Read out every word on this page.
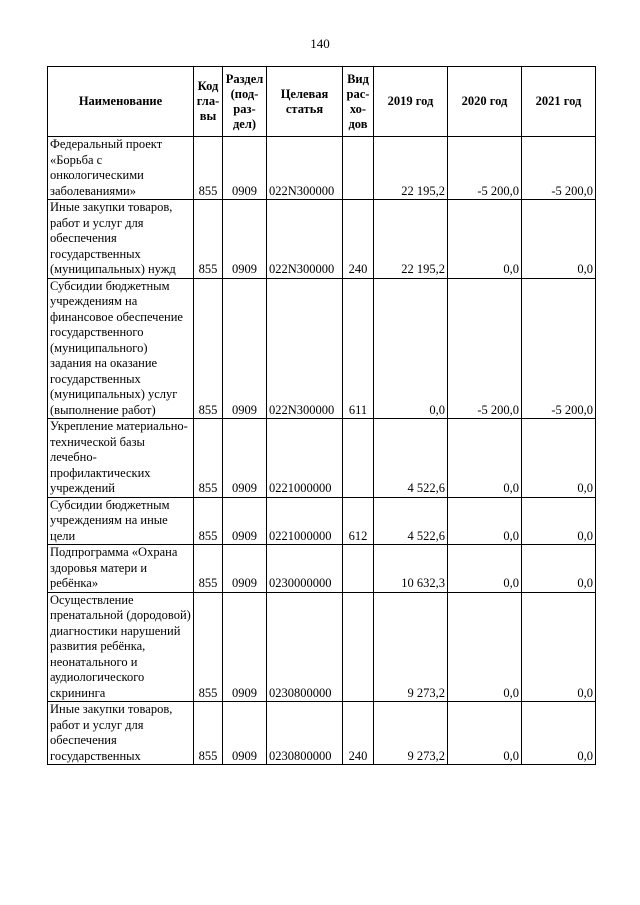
140
Наименование	Код гла- вы	Раздел (под- раз- дел)	Целевая статья	Вид рас- хо- дов	2019 год	2020 год	2021 год
Федеральный проект «Борьба с онкологическими заболеваниями»	855	0909	022N300000		22 195,2	-5 200,0	-5 200,0
Иные закупки товаров, работ и услуг для обеспечения государственных (муниципальных) нужд	855	0909	022N300000	240	22 195,2	0,0	0,0
Субсидии бюджетным учреждениям на финансовое обеспечение государственного (муниципального) задания на оказание государственных (муниципальных) услуг (выполнение работ)	855	0909	022N300000	611	0,0	-5 200,0	-5 200,0
Укрепление материально-технической базы лечебно-профилактических учреждений	855	0909	0221000000		4 522,6	0,0	0,0
Субсидии бюджетным учреждениям на иные цели	855	0909	0221000000	612	4 522,6	0,0	0,0
Подпрограмма «Охрана здоровья матери и ребёнка»	855	0909	0230000000		10 632,3	0,0	0,0
Осуществление пренатальной (дородовой) диагностики нарушений развития ребёнка, неонатального и аудиологического скрининга	855	0909	0230800000		9 273,2	0,0	0,0
Иные закупки товаров, работ и услуг для обеспечения государственных	855	0909	0230800000	240	9 273,2	0,0	0,0
